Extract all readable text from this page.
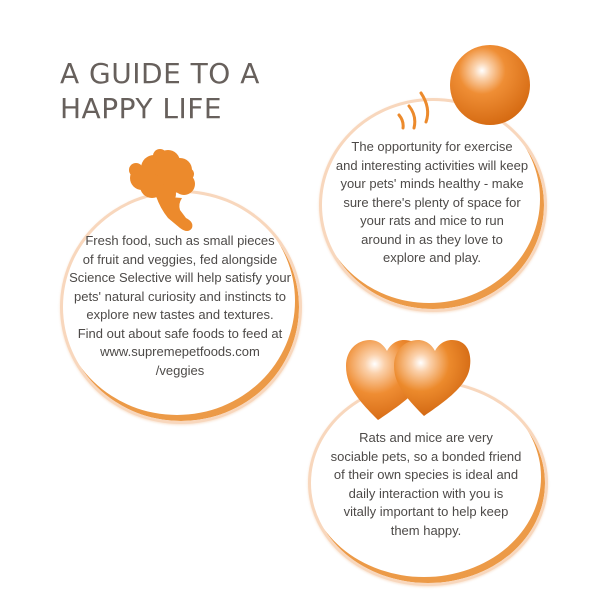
A GUIDE TO A
HAPPY LIFE

The opportunity for exercise
and interesting activities will keep
your pets' minds healthy - make
sure there's plenty of space for
your rats and mice to run
around in as they love to
explore and play.

Fresh food, such as small pieces
of fruit and veggies, fed alongside
Science Selective will help satisfy your
pets' natural curiosity and instincts to
explore new tastes and textures.
Find out about safe foods to feed at
www.supremepetfoods.com
/veggies

Rats and mice are very
sociable pets, so a bonded friend
of their own species is ideal and
daily interaction with you is
vitally important to help keep
them happy.
